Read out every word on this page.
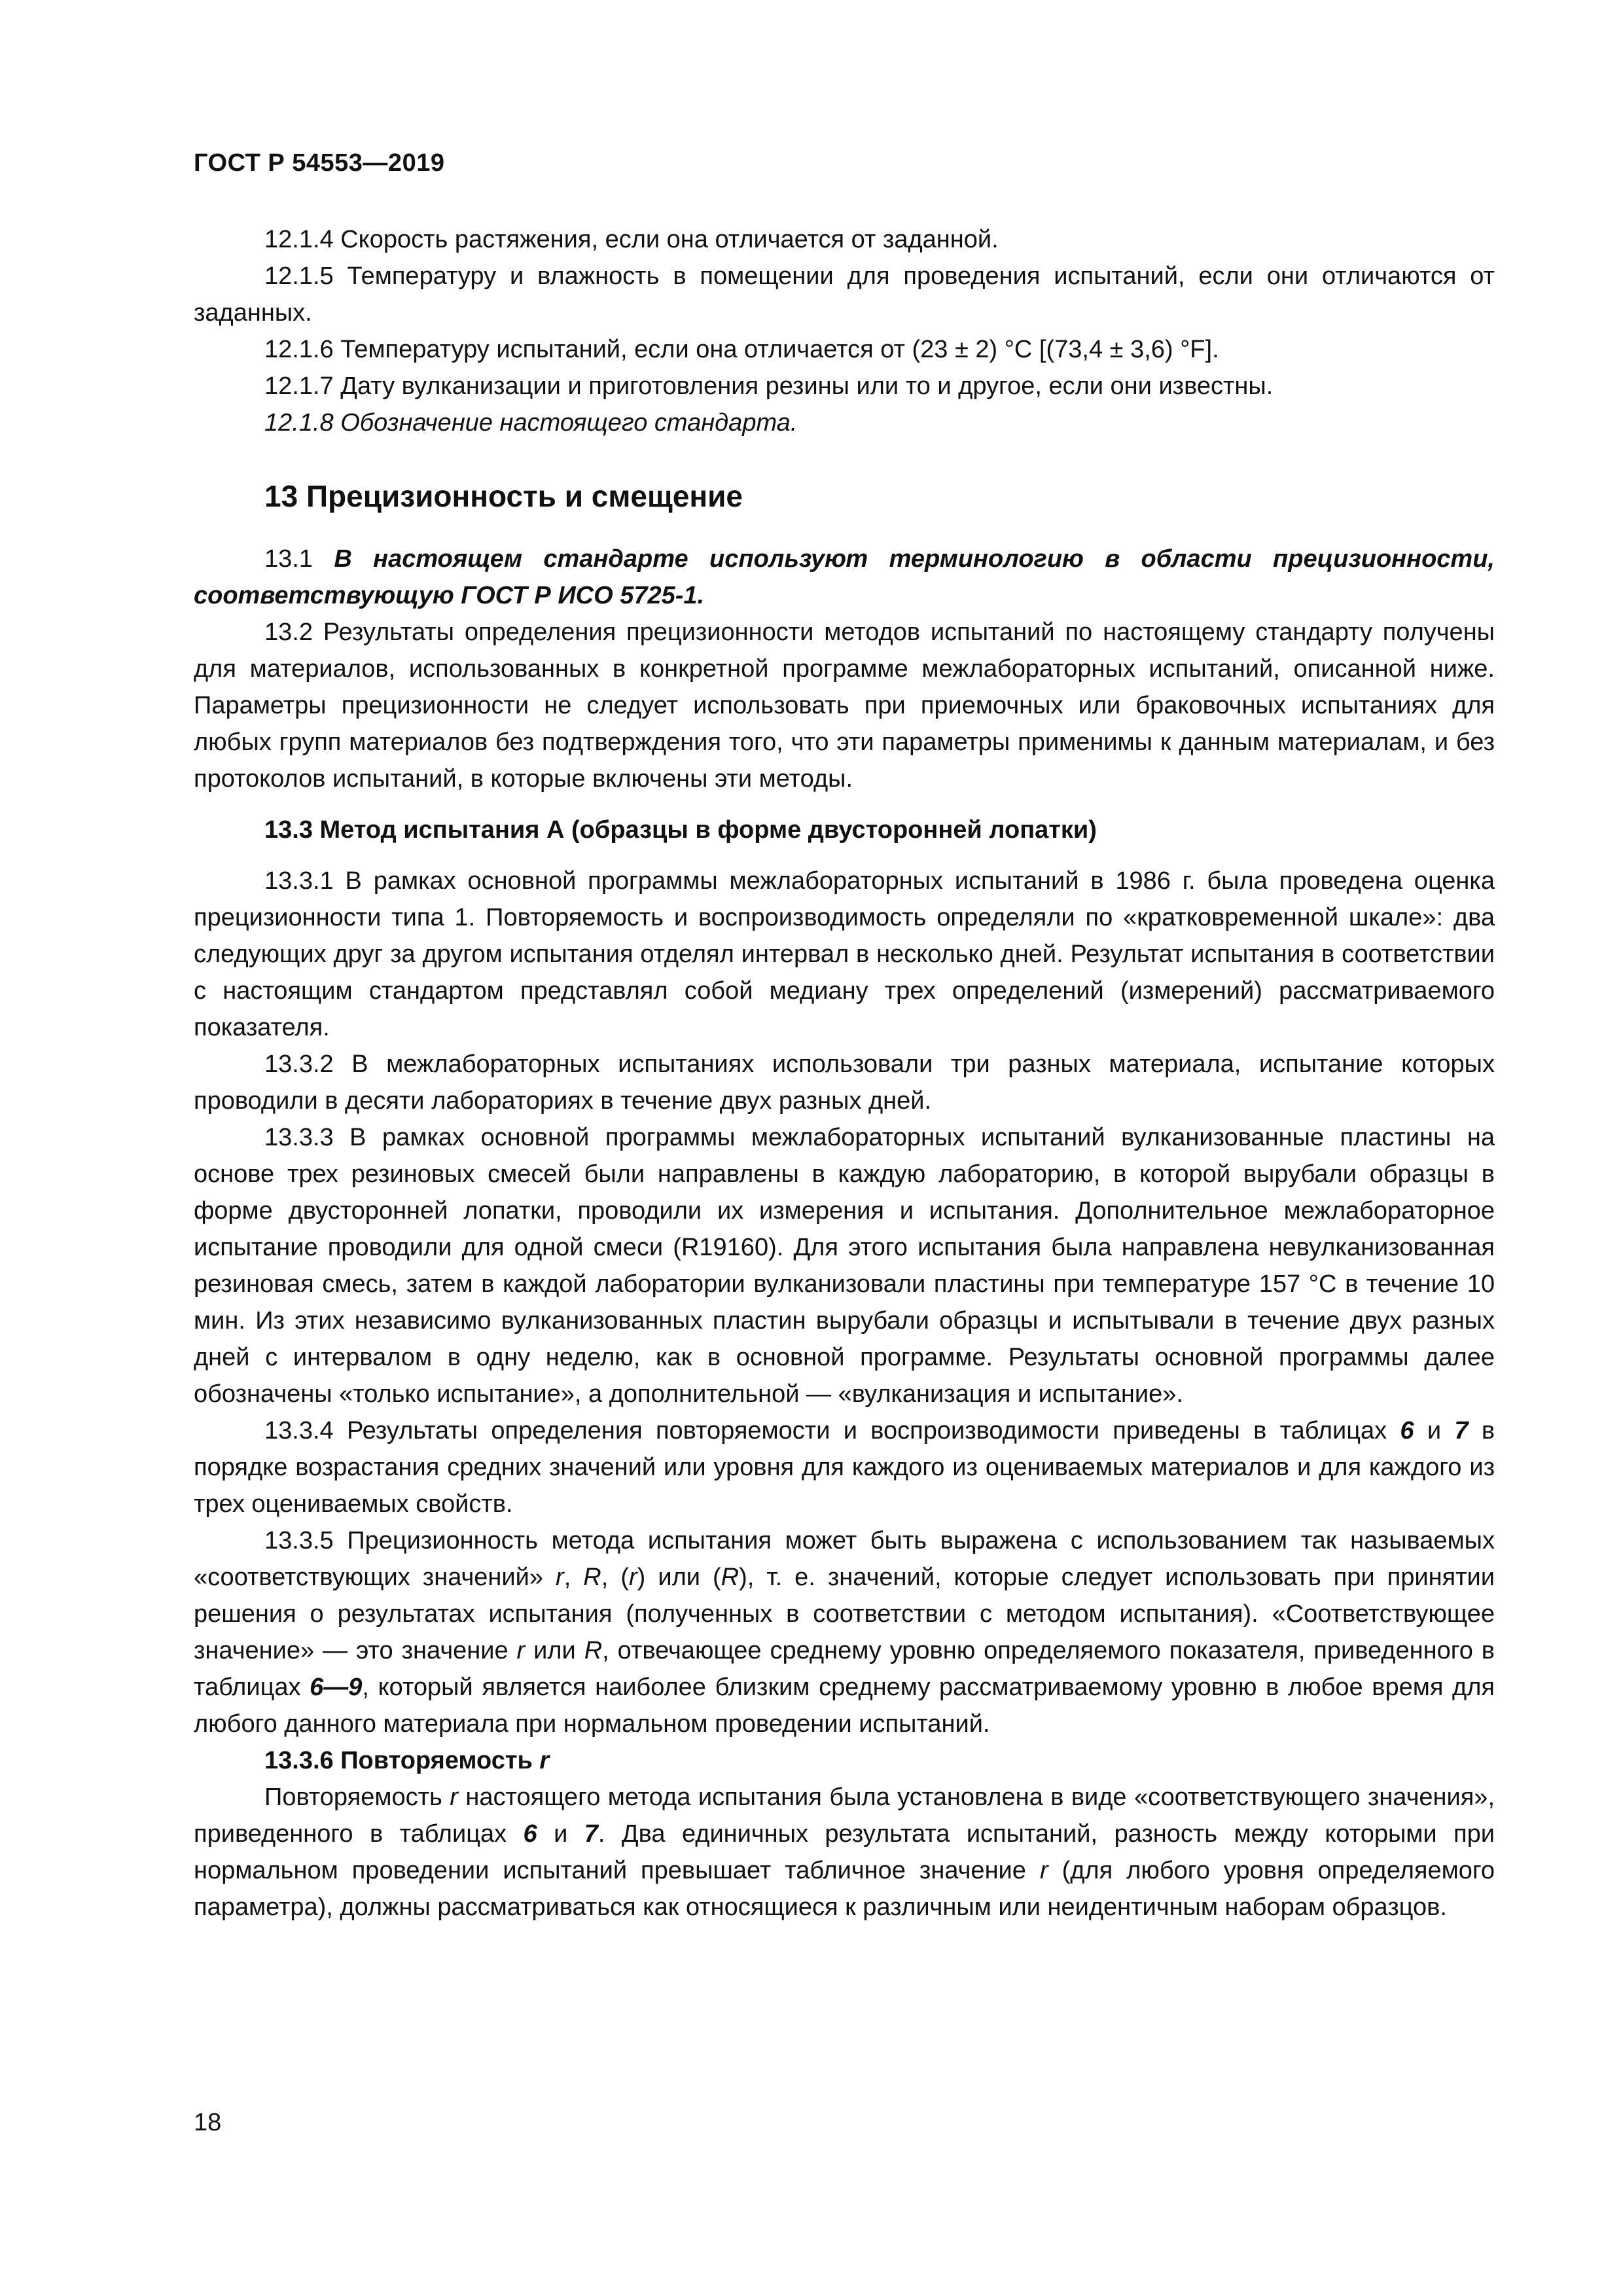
ГОСТ Р 54553—2019

12.1.4 Скорость растяжения, если она отличается от заданной.

12.1.5 Температуру и влажность в помещении для проведения испытаний, если они отличаются от заданных.

12.1.6 Температуру испытаний, если она отличается от (23 ± 2) °C [(73,4 ± 3,6) °F].

12.1.7 Дату вулканизации и приготовления резины или то и другое, если они известны.

12.1.8 Обозначение настоящего стандарта.

13 Прецизионность и смещение

13.1 В настоящем стандарте используют терминологию в области прецизионности, соответствующую ГОСТ Р ИСО 5725-1.

13.2 Результаты определения прецизионности методов испытаний по настоящему стандарту получены для материалов, использованных в конкретной программе межлабораторных испытаний, описанной ниже. Параметры прецизионности не следует использовать при приемочных или браковочных испытаниях для любых групп материалов без подтверждения того, что эти параметры применимы к данным материалам, и без протоколов испытаний, в которые включены эти методы.

13.3 Метод испытания А (образцы в форме двусторонней лопатки)

13.3.1 В рамках основной программы межлабораторных испытаний в 1986 г. была проведена оценка прецизионности типа 1. Повторяемость и воспроизводимость определяли по «кратковременной шкале»: два следующих друг за другом испытания отделял интервал в несколько дней. Результат испытания в соответствии с настоящим стандартом представлял собой медиану трех определений (измерений) рассматриваемого показателя.

13.3.2 В межлабораторных испытаниях использовали три разных материала, испытание которых проводили в десяти лабораториях в течение двух разных дней.

13.3.3 В рамках основной программы межлабораторных испытаний вулканизованные пластины на основе трех резиновых смесей были направлены в каждую лабораторию, в которой вырубали образцы в форме двусторонней лопатки, проводили их измерения и испытания. Дополнительное межлабораторное испытание проводили для одной смеси (R19160). Для этого испытания была направлена невулканизованная резиновая смесь, затем в каждой лаборатории вулканизовали пластины при температуре 157 °C в течение 10 мин. Из этих независимо вулканизованных пластин вырубали образцы и испытывали в течение двух разных дней с интервалом в одну неделю, как в основной программе. Результаты основной программы далее обозначены «только испытание», а дополнительной — «вулканизация и испытание».

13.3.4 Результаты определения повторяемости и воспроизводимости приведены в таблицах 6 и 7 в порядке возрастания средних значений или уровня для каждого из оцениваемых материалов и для каждого из трех оцениваемых свойств.

13.3.5 Прецизионность метода испытания может быть выражена с использованием так называемых «соответствующих значений» r, R, (r) или (R), т. е. значений, которые следует использовать при принятии решения о результатах испытания (полученных в соответствии с методом испытания). «Соответствующее значение» — это значение r или R, отвечающее среднему уровню определяемого показателя, приведенного в таблицах 6—9, который является наиболее близким среднему рассматриваемому уровню в любое время для любого данного материала при нормальном проведении испытаний.

13.3.6 Повторяемость r

Повторяемость r настоящего метода испытания была установлена в виде «соответствующего значения», приведенного в таблицах 6 и 7. Два единичных результата испытаний, разность между которыми при нормальном проведении испытаний превышает табличное значение r (для любого уровня определяемого параметра), должны рассматриваться как относящиеся к различным или неидентичным наборам образцов.

18
